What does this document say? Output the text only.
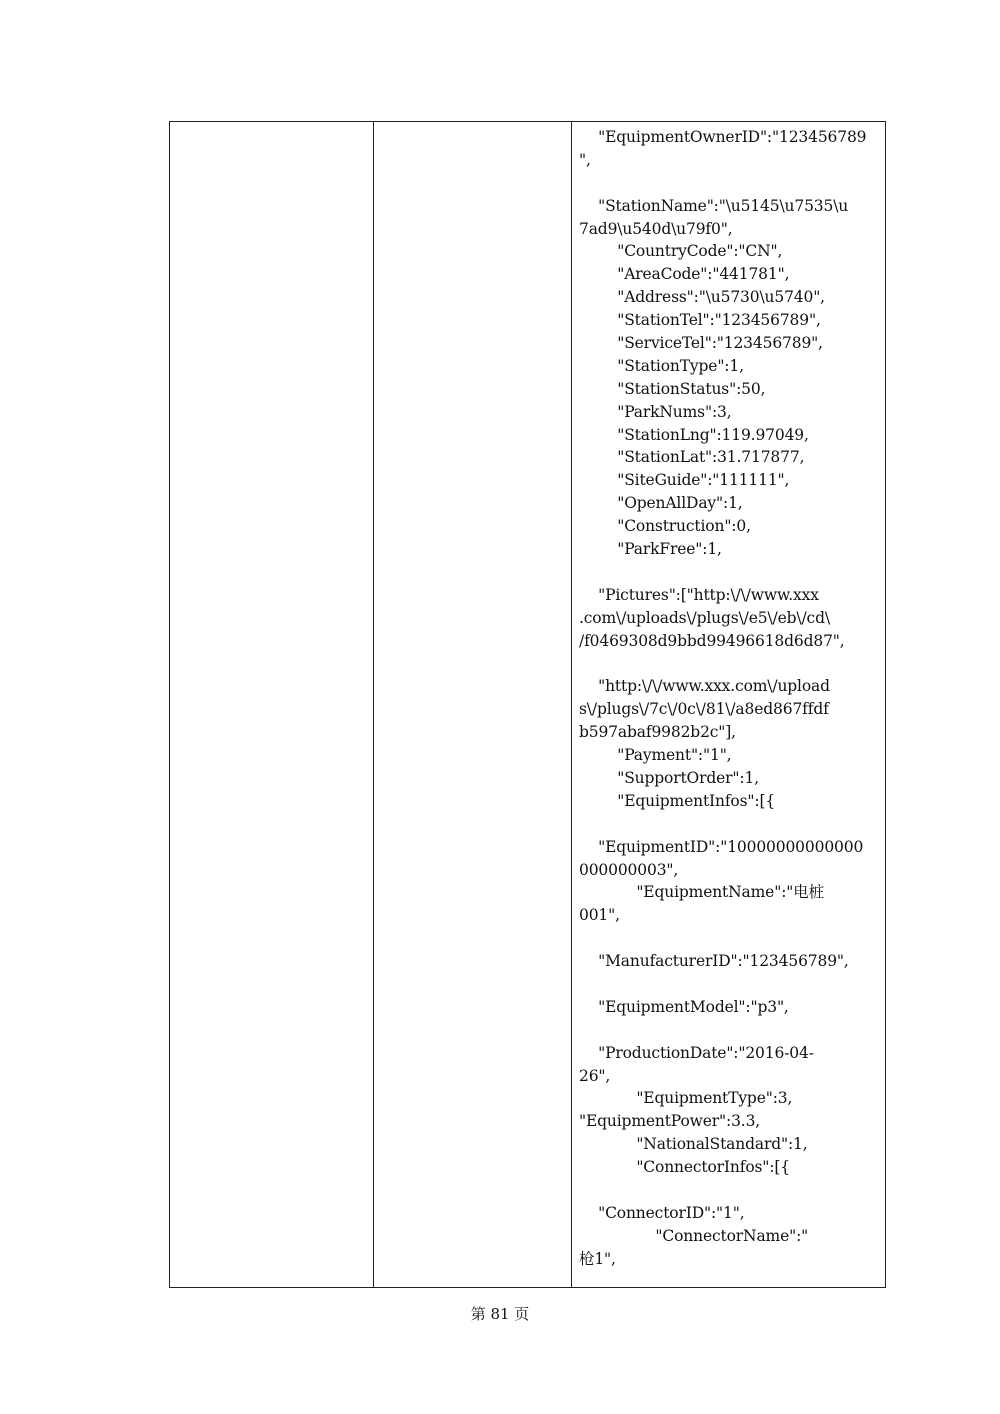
"EquipmentOwnerID":"123456789
",
"StationName":"\u5145\u7535\u
7ad9\u540d\u79f0",
"CountryCode":"CN",
"AreaCode":"441781",
"Address":"\u5730\u5740",
"StationTel":"123456789",
"ServiceTel":"123456789",
"StationType":1,
"StationStatus":50,
"ParkNums":3,
"StationLng":119.97049,
"StationLat":31.717877,
"SiteGuide":"111111",
"OpenAllDay":1,
"Construction":0,
"ParkFree":1,
"Pictures":["http:\/\/www.xxx
.com\/uploads\/plugs\/e5\/eb\/cd\
/f0469308d9bbd99496618d6d87",
"http:\/\/www.xxx.com\/upload
s\/plugs\/7c\/0c\/81\/a8ed867ffdf
b597abaf9982b2c"],
"Payment":"1",
"SupportOrder":1,
"EquipmentInfos":[{
"EquipmentID":"10000000000000
000000003",
"EquipmentName":"电桩
001",
"ManufacturerID":"123456789",
"EquipmentModel":"p3",
"ProductionDate":"2016-04-
26",
"EquipmentType":3,
"EquipmentPower":3.3,
"NationalStandard":1,
"ConnectorInfos":[{
"ConnectorID":"1",
"ConnectorName":"
枪1",
第 81 页
